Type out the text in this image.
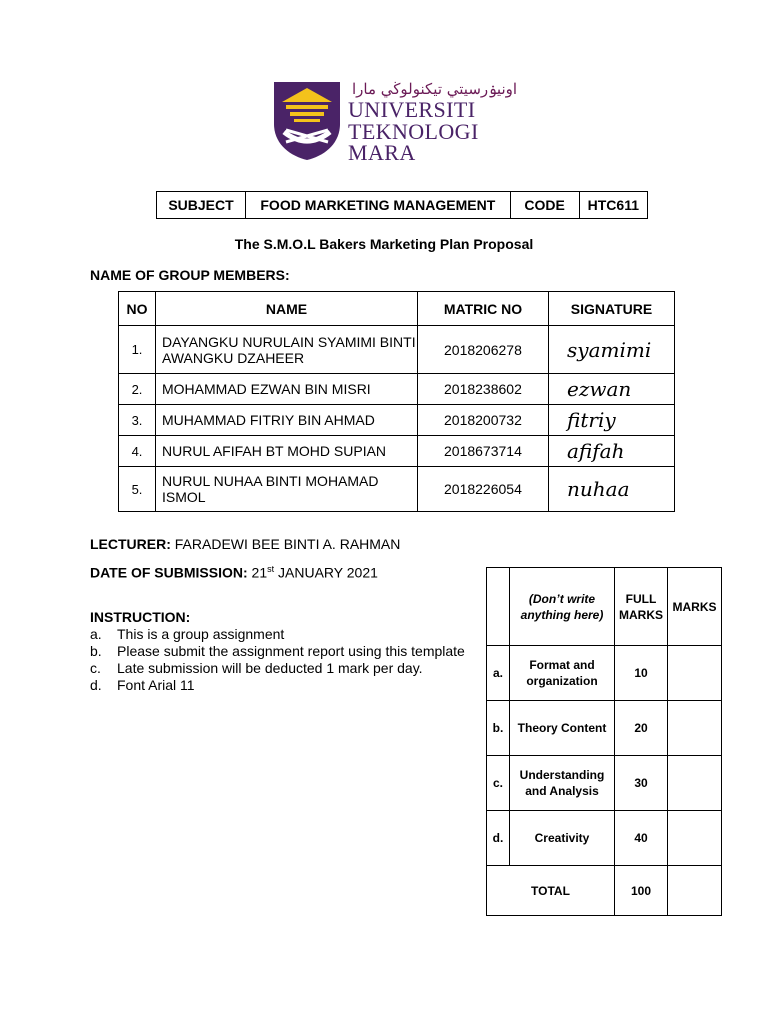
اونيۏرسيتي تيكنولوڬي مارا
UNIVERSITI
TEKNOLOGI
MARA
SUBJECT	FOOD MARKETING MANAGEMENT	CODE	HTC611
The S.M.O.L Bakers Marketing Plan Proposal
NAME OF GROUP MEMBERS:
NO	NAME	MATRIC NO	SIGNATURE
1.	DAYANGKU NURULAIN SYAMIMI BINTI AWANGKU DZAHEER	2018206278	syamimi
2.	MOHAMMAD EZWAN BIN MISRI	2018238602	ezwan
3.	MUHAMMAD FITRIY BIN AHMAD	2018200732	fitriy
4.	NURUL AFIFAH BT MOHD SUPIAN	2018673714	afifah
5.	NURUL NUHAA BINTI MOHAMAD ISMOL	2018226054	nuhaa
LECTURER: FARADEWI BEE BINTI A. RAHMAN
DATE OF SUBMISSION: 21st JANUARY 2021
INSTRUCTION:
a.	This is a group assignment
b.	Please submit the assignment report using this template
c.	Late submission will be deducted 1 mark per day.
d.	Font Arial 11
	(Don’t write anything here)	FULL MARKS	MARKS
a.	Format and organization	10	
b.	Theory Content	20	
c.	Understanding and Analysis	30	
d.	Creativity	40	
TOTAL		100	
